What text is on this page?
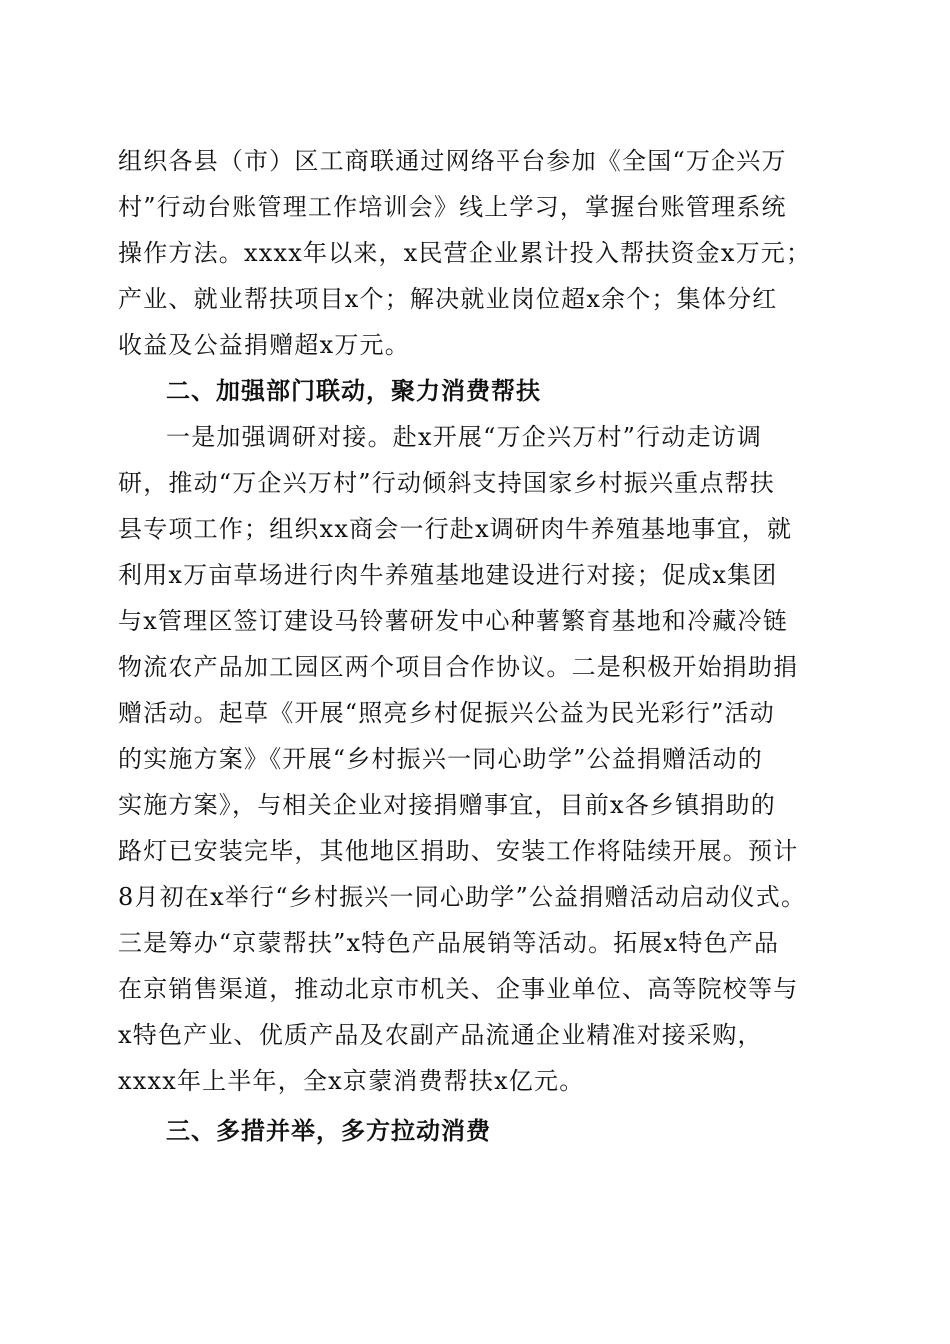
组织各县（市）区工商联通过网络平台参加《全国“万企兴万
村”行动台账管理工作培训会》线上学习，掌握台账管理系统
操作方法。xxxx年以来，x民营企业累计投入帮扶资金x万元；
产业、就业帮扶项目x个；解决就业岗位超x余个；集体分红
收益及公益捐赠超x万元。
二、加强部门联动，聚力消费帮扶
一是加强调研对接。赴x开展“万企兴万村”行动走访调
研，推动“万企兴万村”行动倾斜支持国家乡村振兴重点帮扶
县专项工作；组织xx商会一行赴x调研肉牛养殖基地事宜，就
利用x万亩草场进行肉牛养殖基地建设进行对接；促成x集团
与x管理区签订建设马铃薯研发中心种薯繁育基地和冷藏冷链
物流农产品加工园区两个项目合作协议。二是积极开始捐助捐
赠活动。起草《开展“照亮乡村促振兴公益为民光彩行”活动
的实施方案》《开展“乡村振兴一同心助学”公益捐赠活动的
实施方案》，与相关企业对接捐赠事宜，目前x各乡镇捐助的
路灯已安装完毕，其他地区捐助、安装工作将陆续开展。预计
8月初在x举行“乡村振兴一同心助学”公益捐赠活动启动仪式。
三是筹办“京蒙帮扶”x特色产品展销等活动。拓展x特色产品
在京销售渠道，推动北京市机关、企事业单位、高等院校等与
x特色产业、优质产品及农副产品流通企业精准对接采购，
xxxx年上半年，全x京蒙消费帮扶x亿元。
三、多措并举，多方拉动消费
